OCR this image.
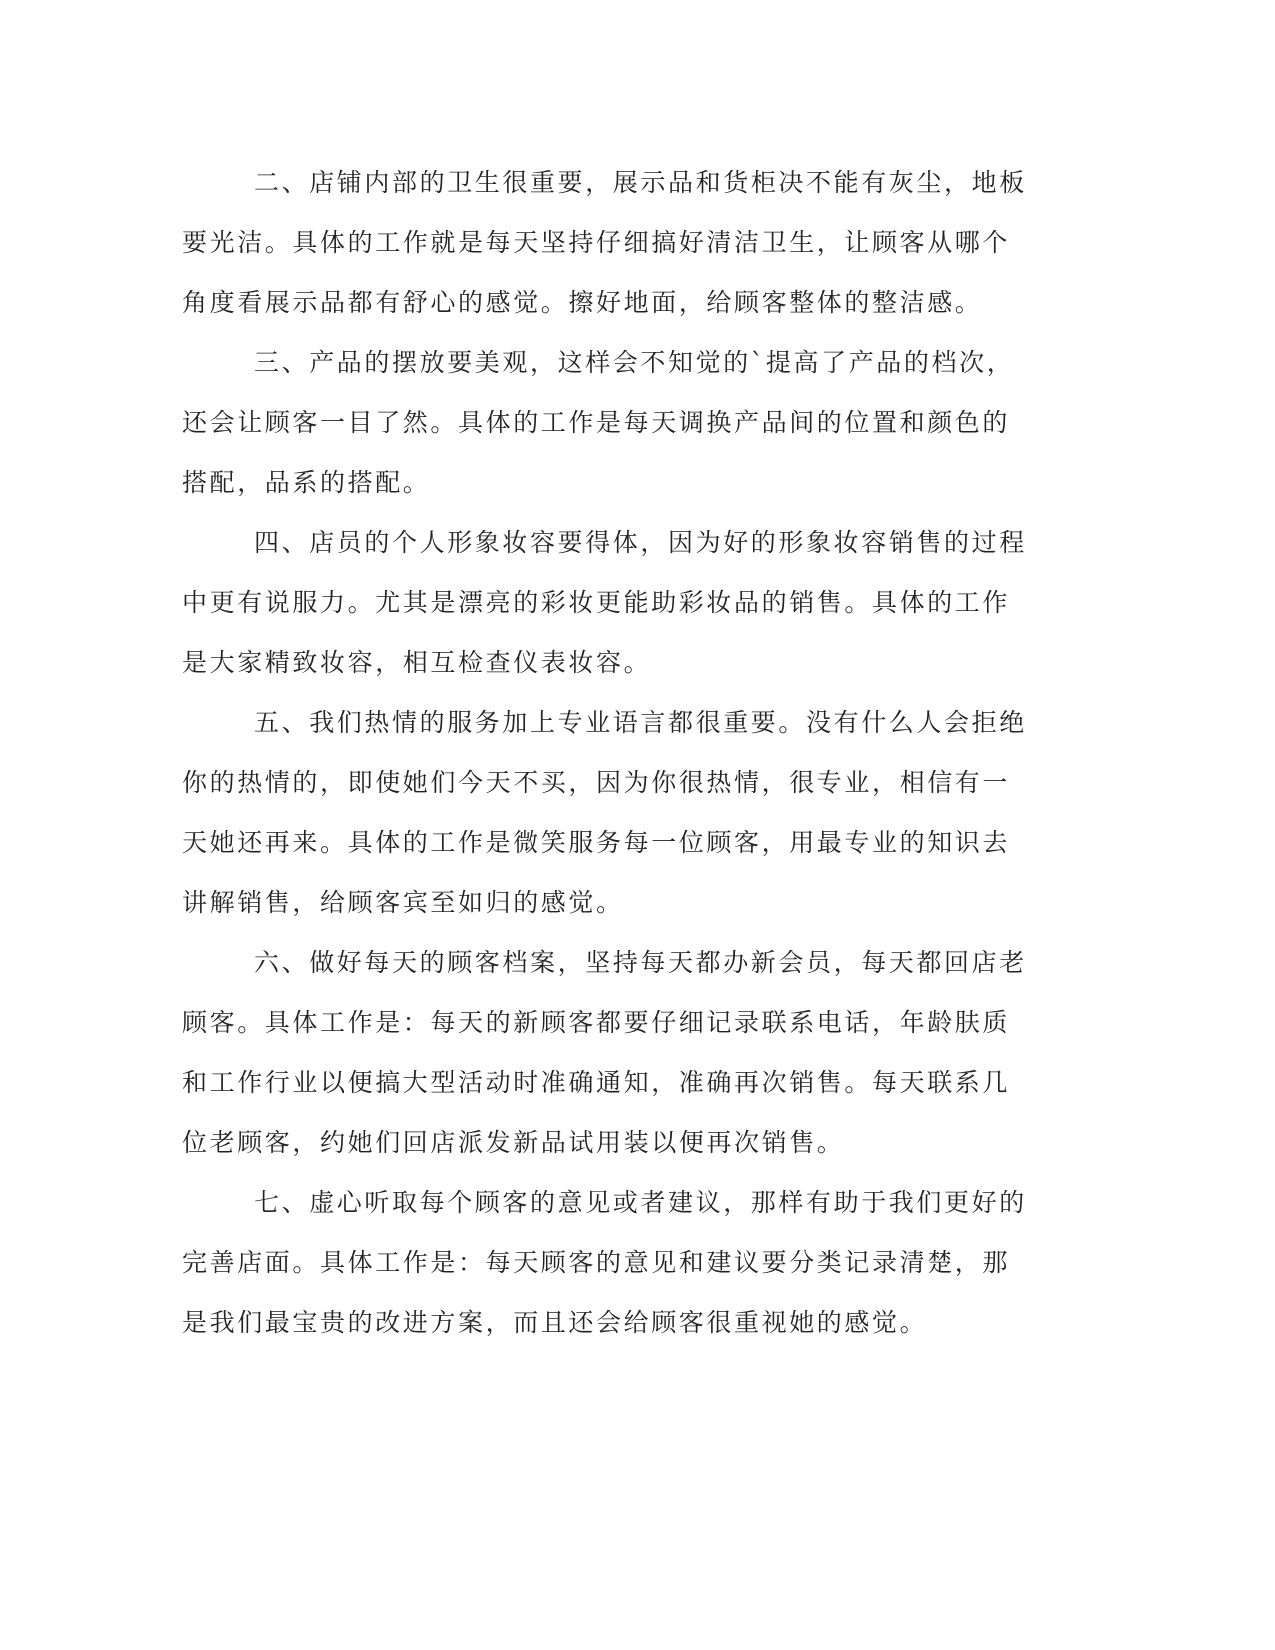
二、店铺内部的卫生很重要，展示品和货柜决不能有灰尘，地板
要光洁。具体的工作就是每天坚持仔细搞好清洁卫生，让顾客从哪个
角度看展示品都有舒心的感觉。擦好地面，给顾客整体的整洁感。
三、产品的摆放要美观，这样会不知觉的`提高了产品的档次，
还会让顾客一目了然。具体的工作是每天调换产品间的位置和颜色的
搭配，品系的搭配。
四、店员的个人形象妆容要得体，因为好的形象妆容销售的过程
中更有说服力。尤其是漂亮的彩妆更能助彩妆品的销售。具体的工作
是大家精致妆容，相互检查仪表妆容。
五、我们热情的服务加上专业语言都很重要。没有什么人会拒绝
你的热情的，即使她们今天不买，因为你很热情，很专业，相信有一
天她还再来。具体的工作是微笑服务每一位顾客，用最专业的知识去
讲解销售，给顾客宾至如归的感觉。
六、做好每天的顾客档案，坚持每天都办新会员，每天都回店老
顾客。具体工作是：每天的新顾客都要仔细记录联系电话，年龄肤质
和工作行业以便搞大型活动时准确通知，准确再次销售。每天联系几
位老顾客，约她们回店派发新品试用装以便再次销售。
七、虚心听取每个顾客的意见或者建议，那样有助于我们更好的
完善店面。具体工作是：每天顾客的意见和建议要分类记录清楚，那
是我们最宝贵的改进方案，而且还会给顾客很重视她的感觉。
